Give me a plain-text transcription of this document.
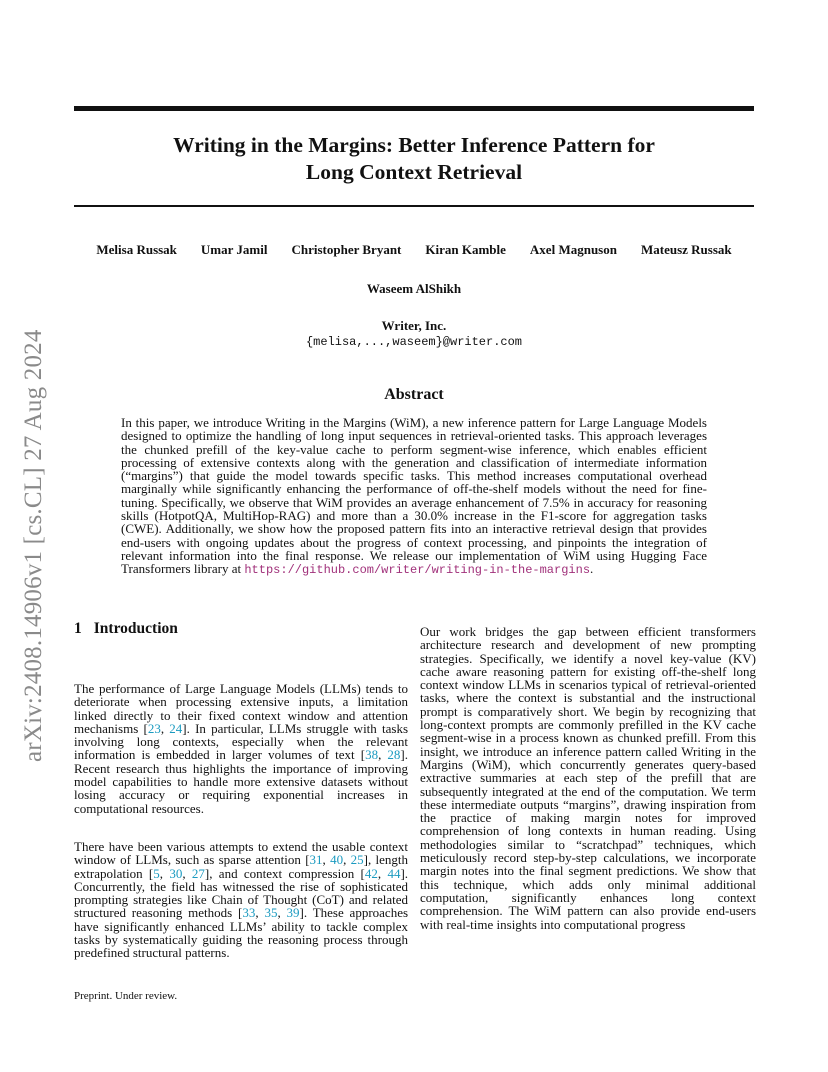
arXiv:2408.14906v1 [cs.CL] 27 Aug 2024
Writing in the Margins: Better Inference Pattern for
Long Context Retrieval
Melisa Russak Umar Jamil Christopher Bryant Kiran Kamble Axel Magnuson Mateusz Russak
Waseem AlShikh
Writer, Inc.
{melisa,...,waseem}@writer.com
Abstract
In this paper, we introduce Writing in the Margins (WiM), a new inference pattern for Large Language Models designed to optimize the handling of long input sequences in retrieval-oriented tasks. This approach leverages the chunked prefill of the key-value cache to perform segment-wise inference, which enables efficient processing of extensive contexts along with the generation and classification of intermediate information (“margins”) that guide the model towards specific tasks. This method increases computational overhead marginally while significantly enhancing the performance of off-the-shelf models without the need for fine-tuning. Specifically, we observe that WiM provides an average enhancement of 7.5% in accuracy for reasoning skills (HotpotQA, MultiHop-RAG) and more than a 30.0% increase in the F1-score for aggregation tasks (CWE). Additionally, we show how the proposed pattern fits into an interactive retrieval design that provides end-users with ongoing updates about the progress of context processing, and pinpoints the integration of relevant information into the final response. We release our implementation of WiM using Hugging Face Transformers library at https://github.com/writer/writing-in-the-margins.
1 Introduction

The performance of Large Language Models (LLMs) tends to deteriorate when processing extensive inputs, a limitation linked directly to their fixed context window and attention mechanisms [23, 24]. In particular, LLMs struggle with tasks involving long contexts, especially when the relevant information is embedded in larger volumes of text [38, 28]. Recent research thus highlights the importance of improving model capabilities to handle more extensive datasets without losing accuracy or requiring exponential increases in computational resources.

There have been various attempts to extend the usable context window of LLMs, such as sparse attention [31, 40, 25], length extrapolation [5, 30, 27], and context compression [42, 44]. Concurrently, the field has witnessed the rise of sophisticated prompting strategies like Chain of Thought (CoT) and related structured reasoning methods [33, 35, 39]. These approaches have significantly enhanced LLMs’ ability to tackle complex tasks by systematically guiding the reasoning process through predefined structural patterns.

Our work bridges the gap between efficient transformers architecture research and development of new prompting strategies. Specifically, we identify a novel key-value (KV) cache aware reasoning pattern for existing off-the-shelf long context window LLMs in scenarios typical of retrieval-oriented tasks, where the context is substantial and the instructional prompt is comparatively short. We begin by recognizing that long-context prompts are commonly prefilled in the KV cache segment-wise in a process known as chunked prefill. From this insight, we introduce an inference pattern called Writing in the Margins (WiM), which concurrently generates query-based extractive summaries at each step of the prefill that are subsequently integrated at the end of the computation. We term these intermediate outputs “margins”, drawing inspiration from the practice of making margin notes for improved comprehension of long contexts in human reading. Using methodologies similar to “scratchpad” techniques, which meticulously record step-by-step calculations, we incorporate margin notes into the final segment predictions. We show that this technique, which adds only minimal additional computation, significantly enhances long context comprehension. The WiM pattern can also provide end-users with real-time insights into computational progress

Preprint. Under review.
